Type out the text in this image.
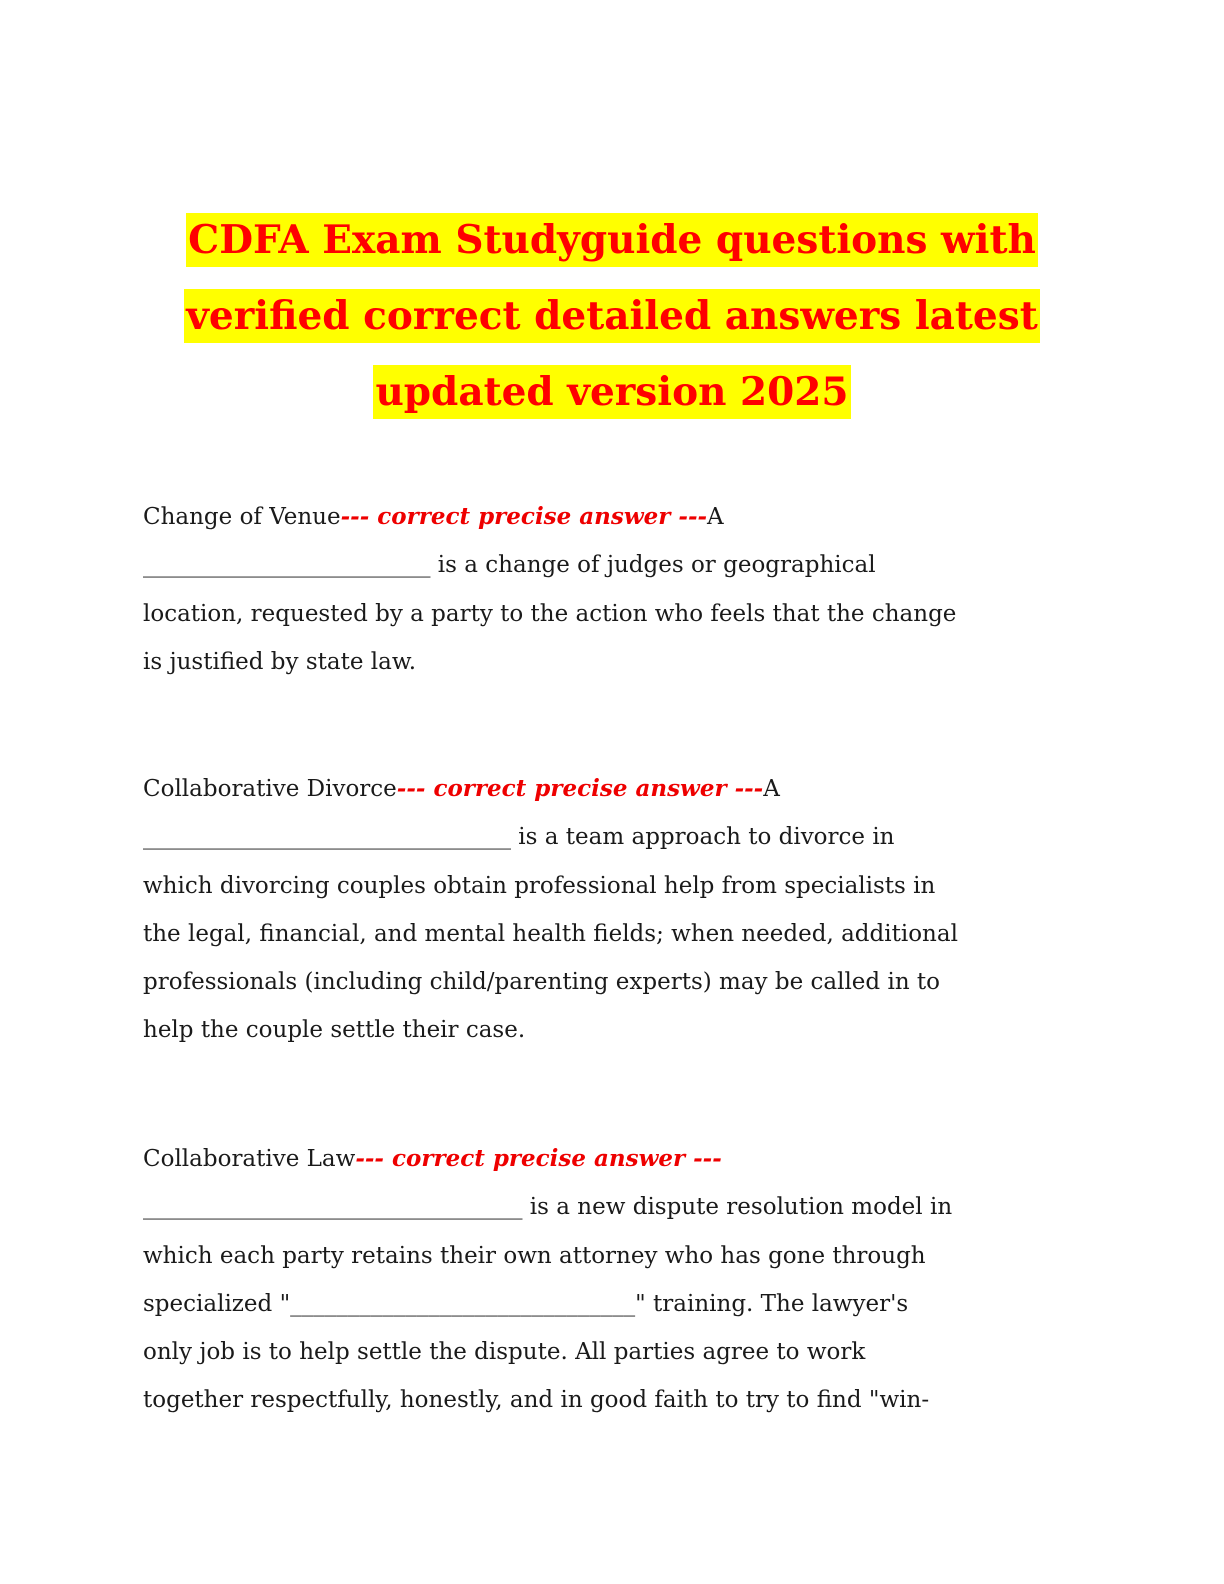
CDFA Exam Studyguide questions with
verified correct detailed answers latest
updated version 2025

Change of Venue--- correct precise answer ---A
_________________________ is a change of judges or geographical
location, requested by a party to the action who feels that the change
is justified by state law.

Collaborative Divorce--- correct precise answer ---A
________________________________ is a team approach to divorce in
which divorcing couples obtain professional help from specialists in
the legal, financial, and mental health fields; when needed, additional
professionals (including child/parenting experts) may be called in to
help the couple settle their case.

Collaborative Law--- correct precise answer ---
_________________________________ is a new dispute resolution model in
which each party retains their own attorney who has gone through
specialized "______________________________" training. The lawyer's
only job is to help settle the dispute. All parties agree to work
together respectfully, honestly, and in good faith to try to find "win-
